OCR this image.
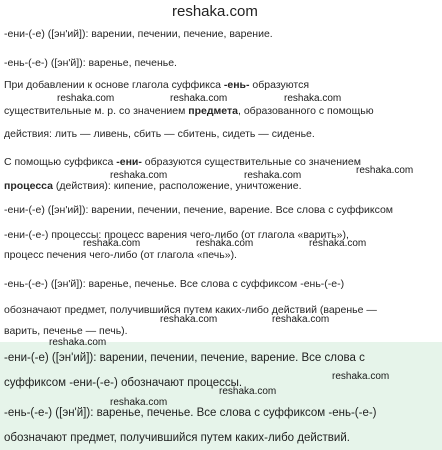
reshaka.com
-ени-(-е) ([эн'ий]): варении, печении, печение, варение.
-ень-(-е-) ([эн'й]): варенье, печенье.
При добавлении к основе глагола суффикса -ень- образуются
существительные м. р. со значением предмета, образованного с помощью
действия: лить — ливень, сбить — сбитень, сидеть — сиденье.
С помощью суффикса -ени- образуются существительные со значением
процесса (действия): кипение, расположение, уничтожение.
-ени-(-е) ([эн'ий]): варении, печении, печение, варение. Все слова с суффиксом
-ени-(-е-) процессы: процесс варения чего-либо (от глагола «варить»),
процесс печения чего-либо (от глагола «печь»).
-ень-(-е-) ([эн'й]): варенье, печенье. Все слова с суффиксом -ень-(-е-)
обозначают предмет, получившийся путем каких-либо действий (варенье —
варить, печенье — печь).
-ени-(-е) ([эн'ий]): варении, печении, печение, варение. Все слова с
суффиксом -ени-(-е-) обозначают процессы.
-ень-(-е-) ([эн'й]): варенье, печенье. Все слова с суффиксом -ень-(-е-)
обозначают предмет, получившийся путем каких-либо действий.
reshaka.com	reshaka.com	reshaka.com
reshaka.com	reshaka.com	reshaka.com
reshaka.com	reshaka.com	reshaka.com
reshaka.com	reshaka.com
reshaka.com
reshaka.com
reshaka.com
reshaka.com
